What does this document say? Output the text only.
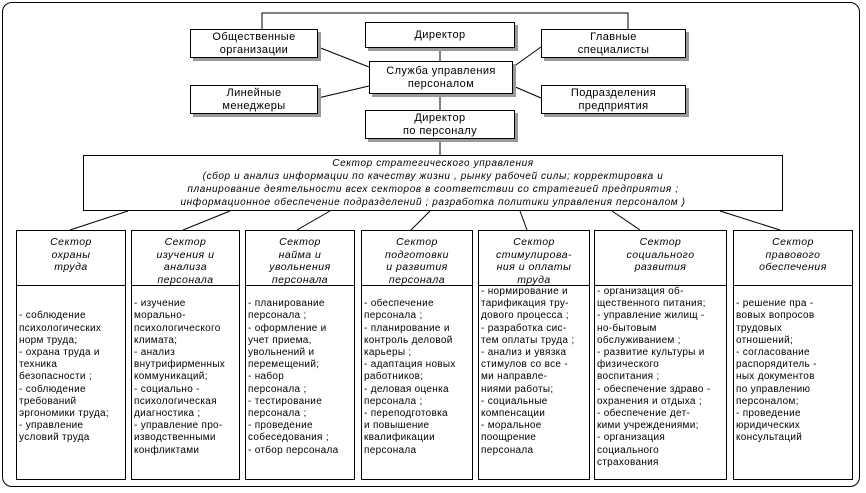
Директор
Общественные
организации
Главные
специалисты
Служба управления
персоналом
Линейные
менеджеры
Подразделения
предприятия
Директор
по персоналу
Сектор стратегического управления
(сбор и анализ информации по качеству жизни , рынку рабочей силы; корректировка и
планирование деятельности всех секторов в соответствии со стратегией предприятия ;
информационное обеспечение подразделений ; разработка политики управления персоналом )
Сектор
охраны
труда

- соблюдение
психологических
норм труда;
- охрана труда и
техника
безопасности ;
- соблюдение
требований
эргономики труда;
- управление
условий труда
Сектор
изучения и
анализа
персонала

- изучение
морально-
психологического
климата;
- анализ
внутрифирменных
коммуникаций;
- социально -
психологическая
диагностика ;
- управление про-
изводственными
конфликтами
Сектор
найма и
увольнения
персонала

- планирование
персонала ;
- оформление и
учет приема,
увольнений и
перемещений;
- набор
персонала ;
- тестирование
персонала ;
- проведение
собеседования ;
- отбор персонала
Сектор
подготовки
и развития
персонала

- обеспечение
персонала ;
- планирование и
контроль деловой
карьеры ;
- адаптация новых
работников;
- деловая оценка
персонала ;
- переподготовка
и повышение
квалификации
персонала
Сектор
стимулирова-
ния и оплаты
труда
- нормирование и
тарификация тру-
дового процесса ;
- разработка сис-
тем оплаты труда ;
- анализ и увязка
стимулов со все -
ми направле-
ниями работы;
- социальные
компенсации
- моральное
поощрение
персонала
Сектор
социального
развития
- организация об-
щественного питания;
- управление жилищ -
но-бытовым
обслуживанием ;
- развитие культуры и
физического
воспитания ;
- обеспечение здраво -
охранения и отдыха ;
- обеспечение дет-
кими учреждениями;
- организация
социального
страхования
Сектор
правового
обеспечения

- решение пра -
вовых вопросов
трудовых
отношений;
- согласование
распорядитель -
ных документов
по управлению
персоналом;
- проведение
юридических
консультаций
